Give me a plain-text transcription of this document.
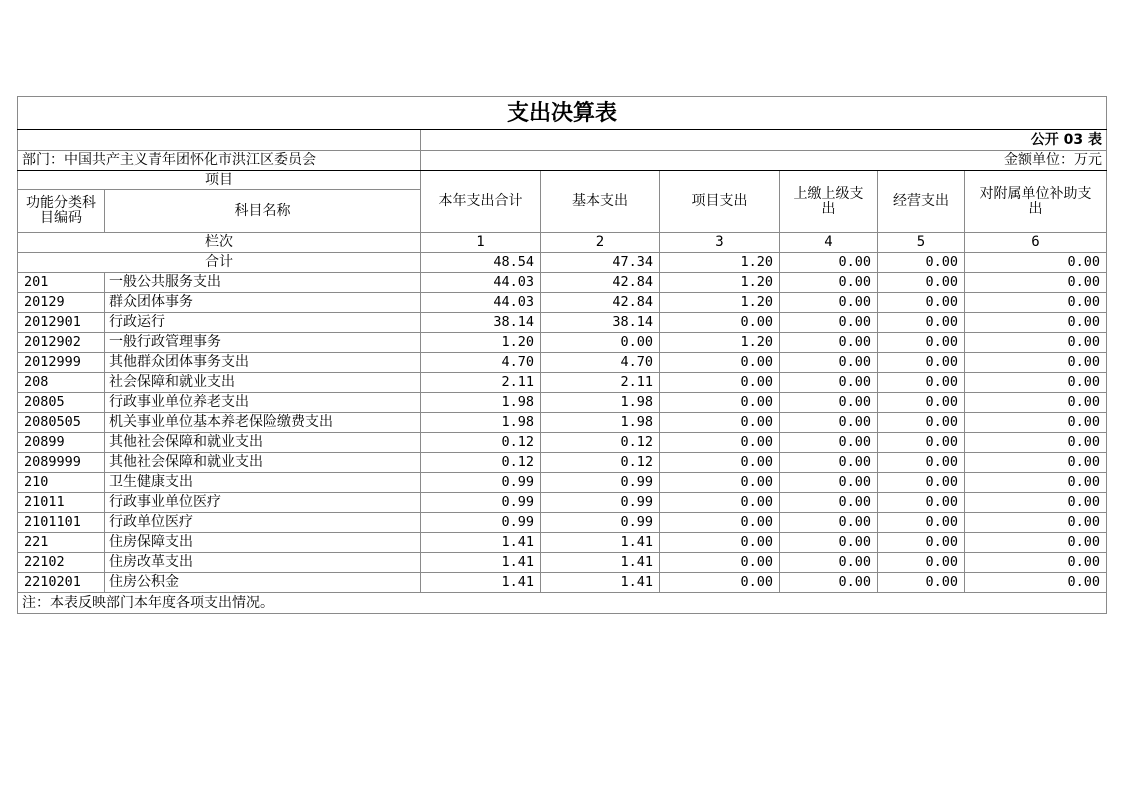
支出决算表							
		公开 03 表					
部门：中国共产主义青年团怀化市洪江区委员会		金额单位：万元					
项目		本年支出合计	基本支出	项目支出	上缴上级支出	经营支出	对附属单位补助支出
功能分类科目编码	科目名称						
栏次		1	2	3	4	5	6
合计		48.54	47.34	1.20	0.00	0.00	0.00
201	一般公共服务支出	44.03	42.84	1.20	0.00	0.00	0.00
20129	群众团体事务	44.03	42.84	1.20	0.00	0.00	0.00
2012901	行政运行	38.14	38.14	0.00	0.00	0.00	0.00
2012902	一般行政管理事务	1.20	0.00	1.20	0.00	0.00	0.00
2012999	其他群众团体事务支出	4.70	4.70	0.00	0.00	0.00	0.00
208	社会保障和就业支出	2.11	2.11	0.00	0.00	0.00	0.00
20805	行政事业单位养老支出	1.98	1.98	0.00	0.00	0.00	0.00
2080505	机关事业单位基本养老保险缴费支出	1.98	1.98	0.00	0.00	0.00	0.00
20899	其他社会保障和就业支出	0.12	0.12	0.00	0.00	0.00	0.00
2089999	其他社会保障和就业支出	0.12	0.12	0.00	0.00	0.00	0.00
210	卫生健康支出	0.99	0.99	0.00	0.00	0.00	0.00
21011	行政事业单位医疗	0.99	0.99	0.00	0.00	0.00	0.00
2101101	行政单位医疗	0.99	0.99	0.00	0.00	0.00	0.00
221	住房保障支出	1.41	1.41	0.00	0.00	0.00	0.00
22102	住房改革支出	1.41	1.41	0.00	0.00	0.00	0.00
2210201	住房公积金	1.41	1.41	0.00	0.00	0.00	0.00
注：本表反映部门本年度各项支出情况。							
